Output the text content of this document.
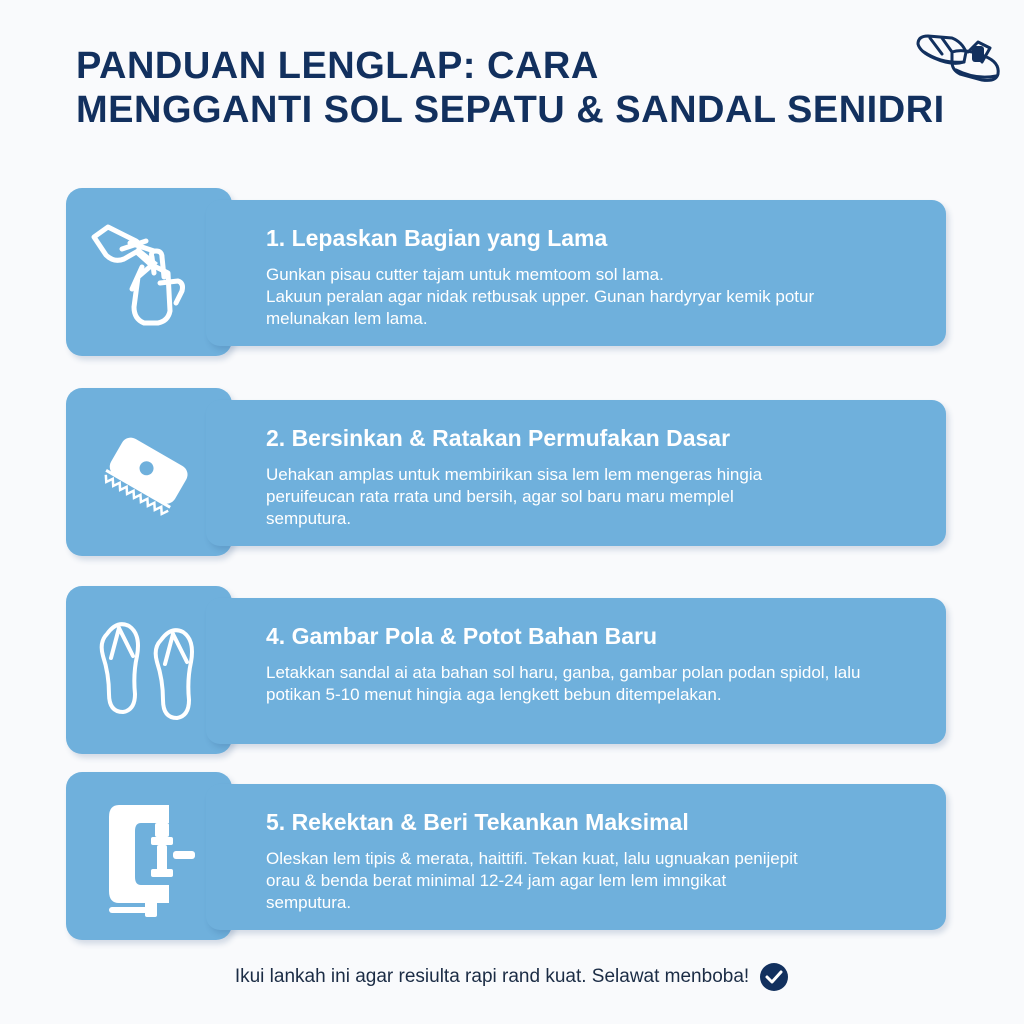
PANDUAN LENGLAP: CARA
MENGGANTI SOL SEPATU & SANDAL SENIDRI
1. Lepaskan Bagian yang Lama

Gunkan pisau cutter tajam untuk memtoom sol lama.

Lakuun peralan agar nidak retbusak upper. Gunan hardyryar kemik potur

melunakan lem lama.

2. Bersinkan & Ratakan Permufakan Dasar

Uehakan amplas untuk membirikan sisa lem lem mengeras hingia

peruifeucan rata rrata und bersih, agar sol baru maru memplel

semputura.

4. Gambar Pola & Potot Bahan Baru

Letakkan sandal ai ata bahan sol haru, ganba, gambar polan podan spidol, lalu

potikan 5-10 menut hingia aga lengkett bebun ditempelakan.

5. Rekektan & Beri Tekankan Maksimal

Oleskan lem tipis & merata, haittifi. Tekan kuat, lalu ugnuakan penijepit

orau & benda berat minimal 12-24 jam agar lem lem imngikat

semputura.

Ikui lankah ini agar resiulta rapi rand kuat. Selawat menboba!
